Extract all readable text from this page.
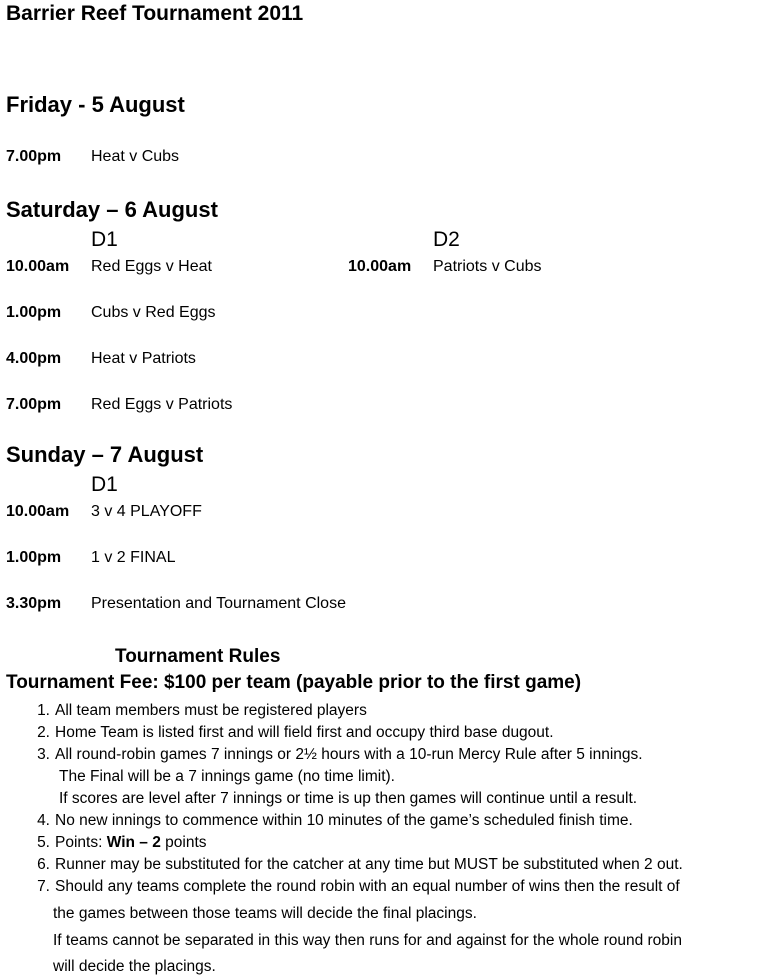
Barrier Reef Tournament 2011
Friday - 5 August
7.00pm Heat v Cubs
Saturday – 6 August
D1	D2
10.00am Red Eggs v Heat	10.00am Patriots v Cubs
1.00pm Cubs v Red Eggs
4.00pm Heat v Patriots
7.00pm Red Eggs v Patriots
Sunday – 7 August
D1
10.00am 3 v 4 PLAYOFF
1.00pm 1 v 2 FINAL
3.30pm Presentation and Tournament Close
Tournament Rules
Tournament Fee: $100 per team (payable prior to the first game)
1. All team members must be registered players
2. Home Team is listed first and will field first and occupy third base dugout.
3. All round-robin games 7 innings or 2½ hours with a 10-run Mercy Rule after 5 innings.
The Final will be a 7 innings game (no time limit).
If scores are level after 7 innings or time is up then games will continue until a result.
4. No new innings to commence within 10 minutes of the game’s scheduled finish time.
5. Points: Win – 2 points
6. Runner may be substituted for the catcher at any time but MUST be substituted when 2 out.
7. Should any teams complete the round robin with an equal number of wins then the result of
the games between those teams will decide the final placings.
If teams cannot be separated in this way then runs for and against for the whole round robin
will decide the placings.
